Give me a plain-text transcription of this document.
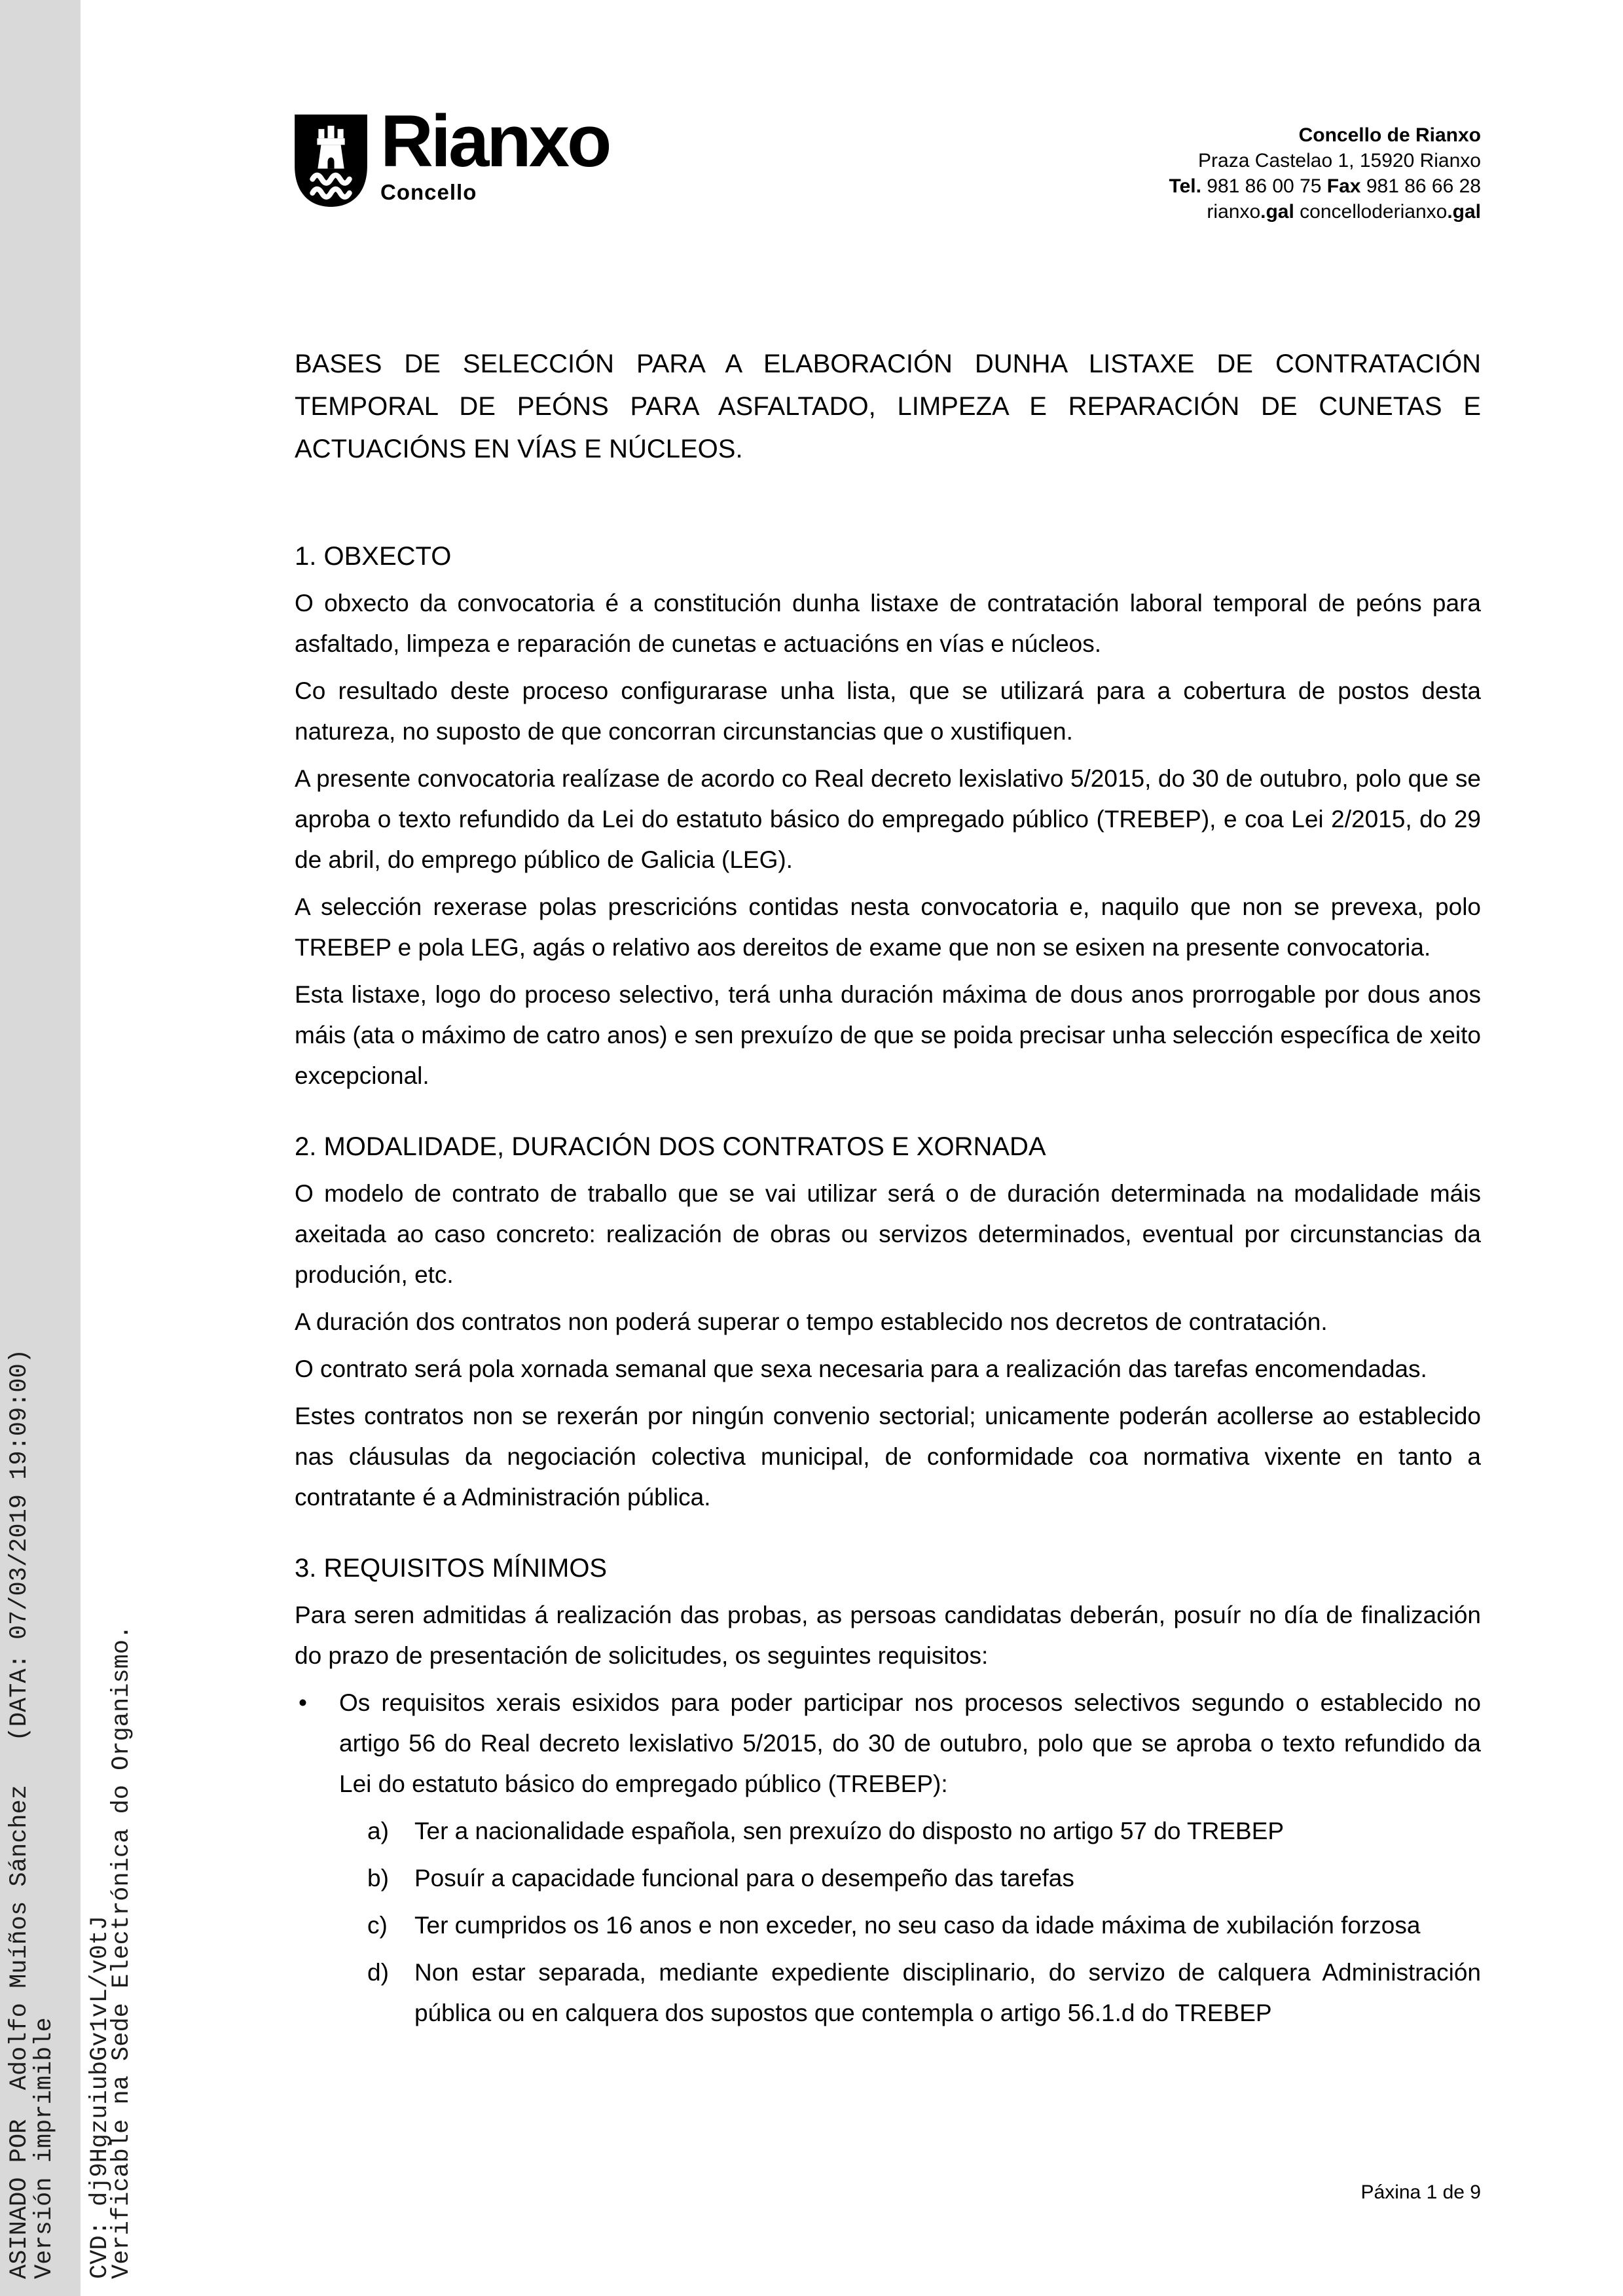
ASINADO POR  Adolfo Muíños Sánchez   (DATA: 07/03/2019 19:09:00)
Versión imprimible CVD: dj9HgzuiubGv1vL/v0tJ
Verificable na Sede Electrónica do Organismo.
Rianxo
Concello
Concello de Rianxo
Praza Castelao 1, 15920 Rianxo
Tel. 981 86 00 75 Fax 981 86 66 28
rianxo.gal concelloderianxo.gal
BASES DE SELECCIÓN PARA A ELABORACIÓN DUNHA LISTAXE DE CONTRATACIÓN TEMPORAL DE PEÓNS PARA ASFALTADO, LIMPEZA E REPARACIÓN DE CUNETAS E ACTUACIÓNS EN VÍAS E NÚCLEOS.
1. OBXECTO

O obxecto da convocatoria é a constitución dunha listaxe de contratación laboral temporal de peóns para asfaltado, limpeza e reparación de cunetas e actuacións en vías e núcleos.

Co resultado deste proceso configurarase unha lista, que se utilizará para a cobertura de postos desta natureza, no suposto de que concorran circunstancias que o xustifiquen.

A presente convocatoria realízase de acordo co Real decreto lexislativo 5/2015, do 30 de outubro, polo que se aproba o texto refundido da Lei do estatuto básico do empregado público (TREBEP), e coa Lei 2/2015, do 29 de abril, do emprego público de Galicia (LEG).

A selección rexerase polas prescricións contidas nesta convocatoria e, naquilo que non se prevexa, polo TREBEP e pola LEG, agás o relativo aos dereitos de exame que non se esixen na presente convocatoria.

Esta listaxe, logo do proceso selectivo, terá unha duración máxima de dous anos prorrogable por dous anos máis (ata o máximo de catro anos) e sen prexuízo de que se poida precisar unha selección específica de xeito excepcional.

2. MODALIDADE, DURACIÓN DOS CONTRATOS E XORNADA

O modelo de contrato de traballo que se vai utilizar será o de duración determinada na modalidade máis axeitada ao caso concreto: realización de obras ou servizos determinados, eventual por circunstancias da produción, etc.

A duración dos contratos non poderá superar o tempo establecido nos decretos de contratación.

O contrato será pola xornada semanal que sexa necesaria para a realización das tarefas encomendadas.

Estes contratos non se rexerán por ningún convenio sectorial; unicamente poderán acollerse ao establecido nas cláusulas da negociación colectiva municipal, de conformidade coa normativa vixente en tanto a contratante é a Administración pública.

3. REQUISITOS MÍNIMOS

Para seren admitidas á realización das probas, as persoas candidatas deberán, posuír no día de finalización do prazo de presentación de solicitudes, os seguintes requisitos:

• Os requisitos xerais esixidos para poder participar nos procesos selectivos segundo o establecido no artigo 56 do Real decreto lexislativo 5/2015, do 30 de outubro, polo que se aproba o texto refundido da Lei do estatuto básico do empregado público (TREBEP):
a) Ter a nacionalidade española, sen prexuízo do disposto no artigo 57 do TREBEP
b) Posuír a capacidade funcional para o desempeño das tarefas
c) Ter cumpridos os 16 anos e non exceder, no seu caso da idade máxima de xubilación forzosa
d) Non estar separada, mediante expediente disciplinario, do servizo de calquera Administración pública ou en calquera dos supostos que contempla o artigo 56.1.d do TREBEP
Páxina 1 de 9
